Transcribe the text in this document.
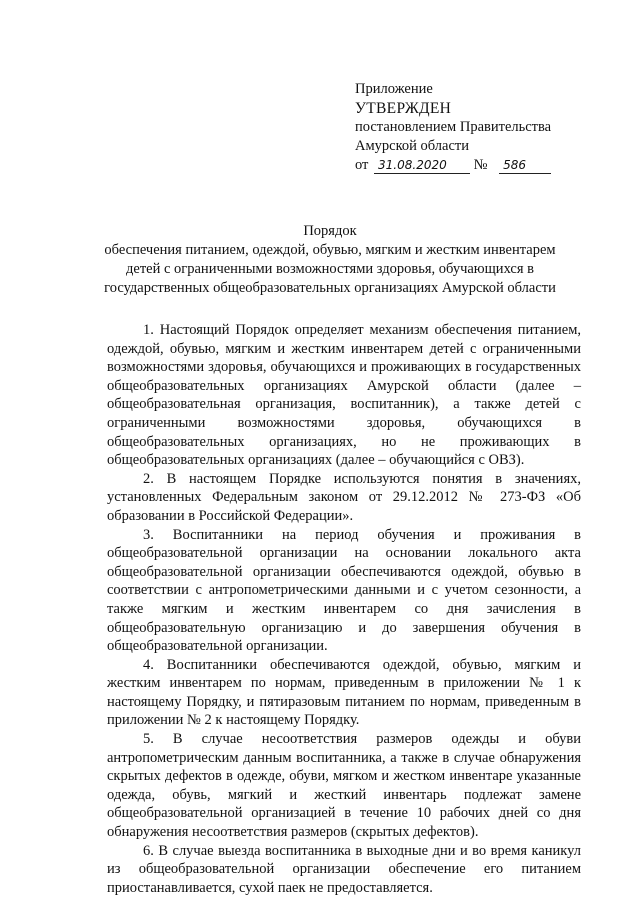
Приложение
УТВЕРЖДЕН
постановлением Правительства
Амурской области
от 31.08.2020 № 586
Порядок
обеспечения питанием, одеждой, обувью, мягким и жестким инвентарем
детей с ограниченными возможностями здоровья, обучающихся в
государственных общеобразовательных организациях Амурской области

1. Настоящий Порядок определяет механизм обеспечения питанием, одеждой, обувью, мягким и жестким инвентарем детей с ограниченными возможностями здоровья, обучающихся и проживающих в государственных общеобразовательных организациях Амурской области (далее – общеобразовательная организация, воспитанник), а также детей с ограниченными возможностями здоровья, обучающихся в общеобразовательных организациях, но не проживающих в общеобразовательных организациях (далее – обучающийся с ОВЗ).

2. В настоящем Порядке используются понятия в значениях, установленных Федеральным законом от 29.12.2012 № 273-ФЗ «Об образовании в Российской Федерации».

3. Воспитанники на период обучения и проживания в общеобразовательной организации на основании локального акта общеобразовательной организации обеспечиваются одеждой, обувью в соответствии с антропометрическими данными и с учетом сезонности, а также мягким и жестким инвентарем со дня зачисления в общеобразовательную организацию и до завершения обучения в общеобразовательной организации.

4. Воспитанники обеспечиваются одеждой, обувью, мягким и жестким инвентарем по нормам, приведенным в приложении № 1 к настоящему Порядку, и пятиразовым питанием по нормам, приведенным в приложении № 2 к настоящему Порядку.

5. В случае несоответствия размеров одежды и обуви антропометрическим данным воспитанника, а также в случае обнаружения скрытых дефектов в одежде, обуви, мягком и жестком инвентаре указанные одежда, обувь, мягкий и жесткий инвентарь подлежат замене общеобразовательной организацией в течение 10 рабочих дней со дня обнаружения несоответствия размеров (скрытых дефектов).

6. В случае выезда воспитанника в выходные дни и во время каникул из общеобразовательной организации обеспечение его питанием приостанавливается, сухой паек не предоставляется.
